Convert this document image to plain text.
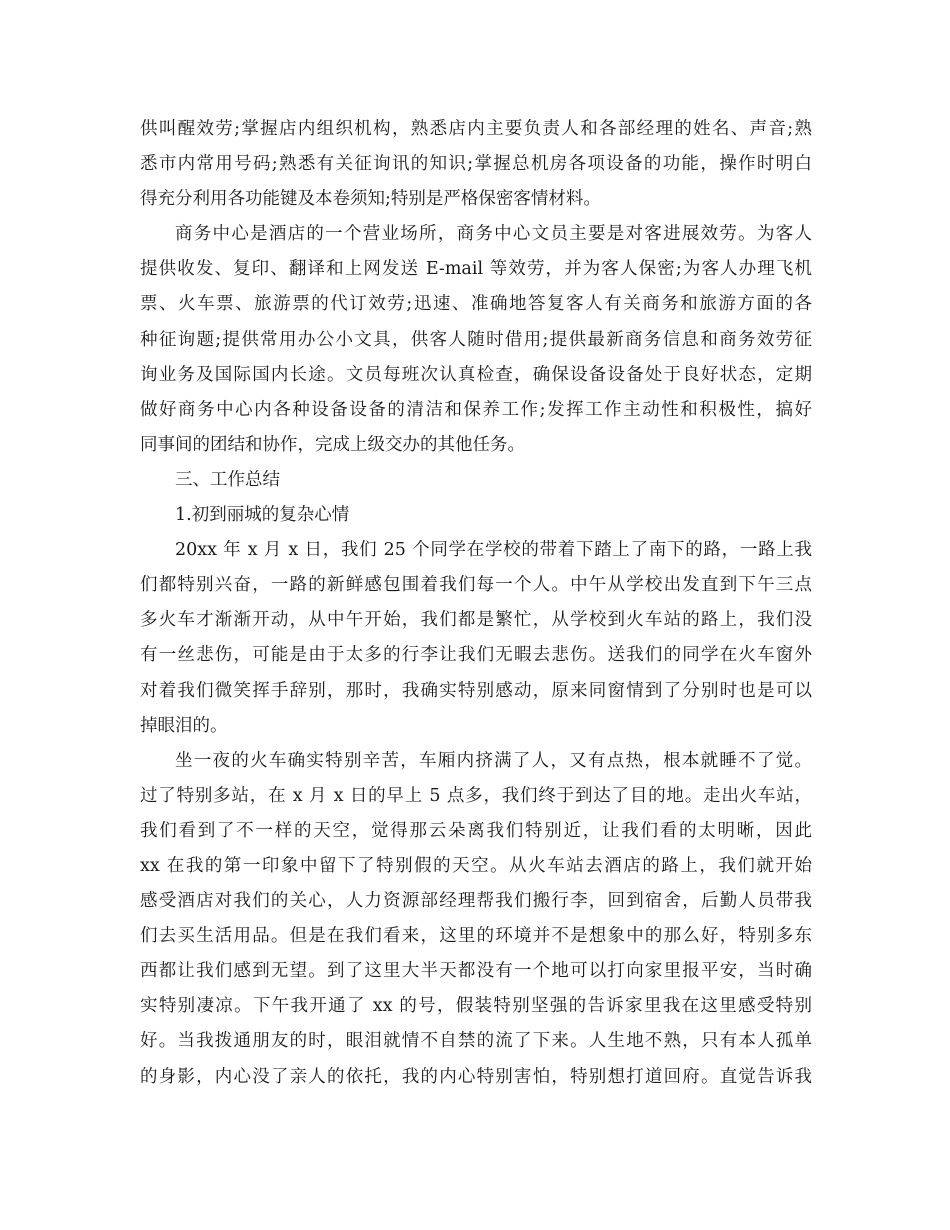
供叫醒效劳;掌握店内组织机构，熟悉店内主要负责人和各部经理的姓名、声音;熟
悉市内常用号码;熟悉有关征询讯的知识;掌握总机房各项设备的功能，操作时明白
得充分利用各功能键及本卷须知;特别是严格保密客情材料。
商务中心是酒店的一个营业场所，商务中心文员主要是对客进展效劳。为客人
提供收发、复印、翻译和上网发送 E-mail 等效劳，并为客人保密;为客人办理飞机
票、火车票、旅游票的代订效劳;迅速、准确地答复客人有关商务和旅游方面的各
种征询题;提供常用办公小文具，供客人随时借用;提供最新商务信息和商务效劳征
询业务及国际国内长途。文员每班次认真检查，确保设备设备处于良好状态，定期
做好商务中心内各种设备设备的清洁和保养工作;发挥工作主动性和积极性，搞好
同事间的团结和协作，完成上级交办的其他任务。
三、工作总结
1.初到丽城的复杂心情
20xx 年 x 月 x 日，我们 25 个同学在学校的带着下踏上了南下的路，一路上我
们都特别兴奋，一路的新鲜感包围着我们每一个人。中午从学校出发直到下午三点
多火车才渐渐开动，从中午开始，我们都是繁忙，从学校到火车站的路上，我们没
有一丝悲伤，可能是由于太多的行李让我们无暇去悲伤。送我们的同学在火车窗外
对着我们微笑挥手辞别，那时，我确实特别感动，原来同窗情到了分别时也是可以
掉眼泪的。
坐一夜的火车确实特别辛苦，车厢内挤满了人，又有点热，根本就睡不了觉。
过了特别多站，在 x 月 x 日的早上 5 点多，我们终于到达了目的地。走出火车站，
我们看到了不一样的天空，觉得那云朵离我们特别近，让我们看的太明晰，因此
xx 在我的第一印象中留下了特别假的天空。从火车站去酒店的路上，我们就开始
感受酒店对我们的关心，人力资源部经理帮我们搬行李，回到宿舍，后勤人员带我
们去买生活用品。但是在我们看来，这里的环境并不是想象中的那么好，特别多东
西都让我们感到无望。到了这里大半天都没有一个地可以打向家里报平安，当时确
实特别凄凉。下午我开通了 xx 的号，假装特别坚强的告诉家里我在这里感受特别
好。当我拨通朋友的时，眼泪就情不自禁的流了下来。人生地不熟，只有本人孤单
的身影，内心没了亲人的依托，我的内心特别害怕，特别想打道回府。直觉告诉我
